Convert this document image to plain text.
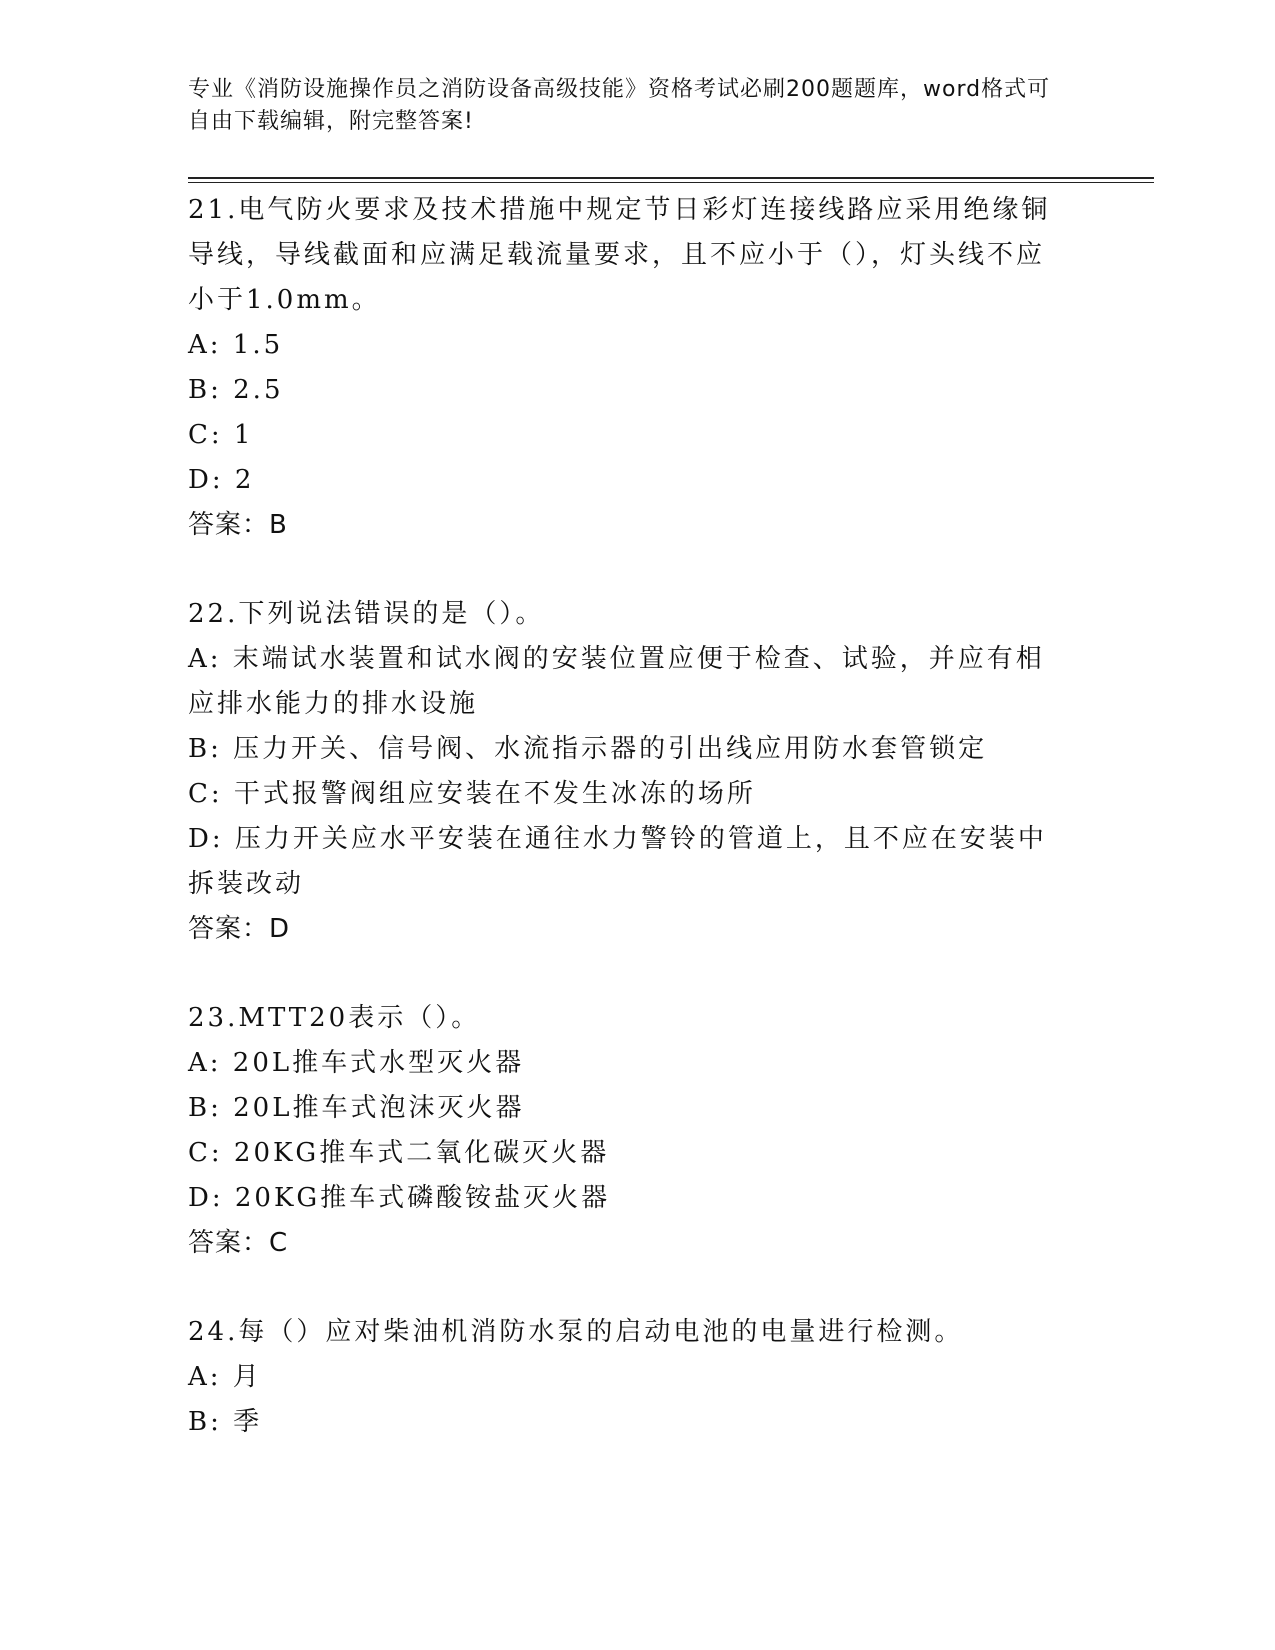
专业《消防设施操作员之消防设备高级技能》资格考试必刷200题题库，word格式可自由下载编辑，附完整答案!
21.电气防火要求及技术措施中规定节日彩灯连接线路应采用绝缘铜导线，导线截面和应满足载流量要求，且不应小于（），灯头线不应小于1.0mm。
A: 1.5
B: 2.5
C: 1
D: 2
答案：B
22.下列说法错误的是（）。
A: 末端试水装置和试水阀的安装位置应便于检查、试验，并应有相应排水能力的排水设施
B: 压力开关、信号阀、水流指示器的引出线应用防水套管锁定
C: 干式报警阀组应安装在不发生冰冻的场所
D: 压力开关应水平安装在通往水力警铃的管道上，且不应在安装中拆装改动
答案：D
23.MTT20表示（）。
A: 20L推车式水型灭火器
B: 20L推车式泡沫灭火器
C: 20KG推车式二氧化碳灭火器
D: 20KG推车式磷酸铵盐灭火器
答案：C
24.每（）应对柴油机消防水泵的启动电池的电量进行检测。
A: 月
B: 季
